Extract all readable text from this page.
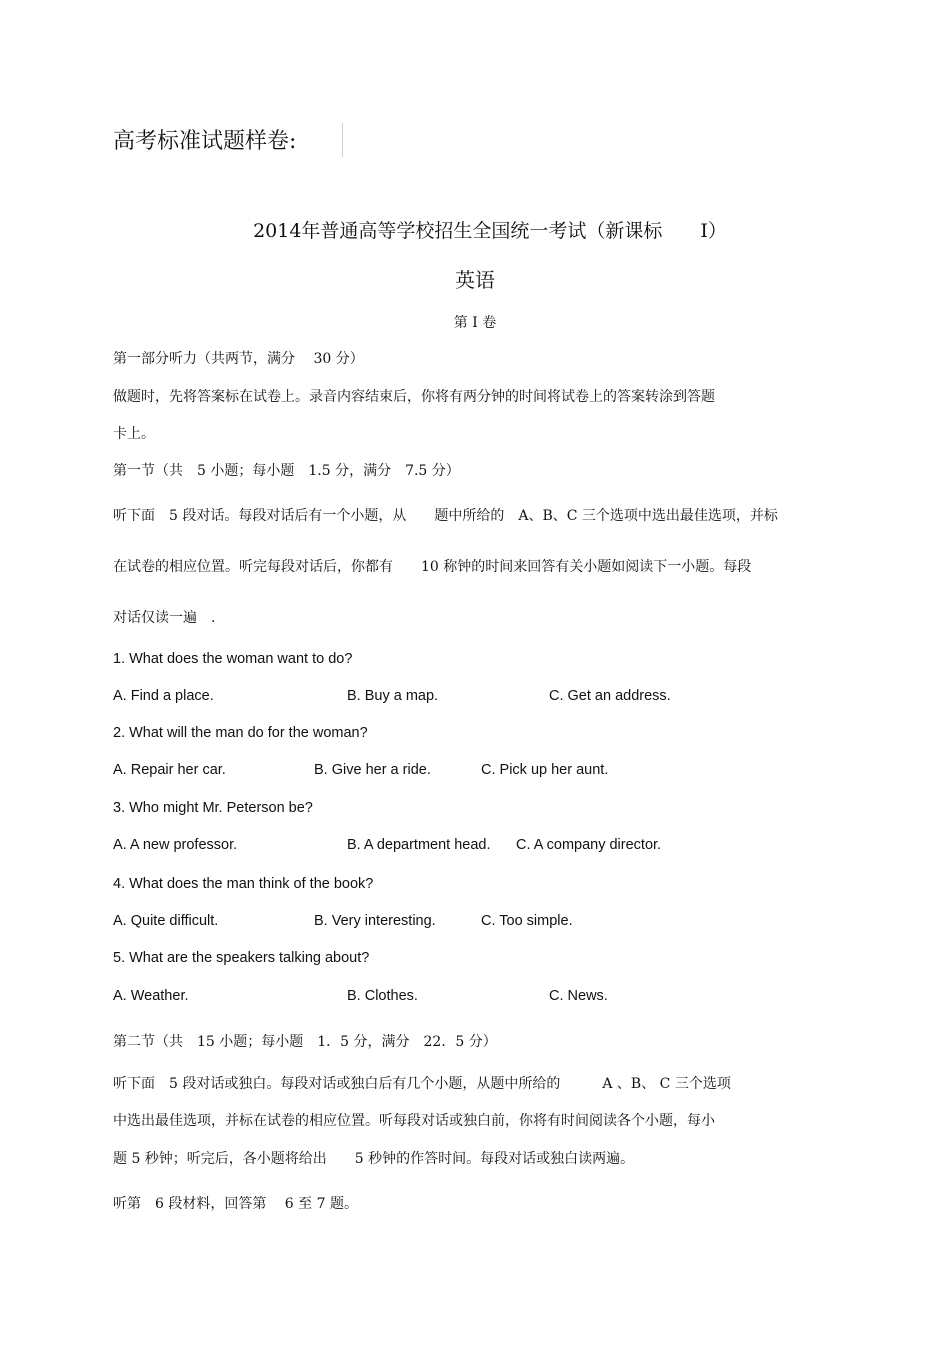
高考标准试题样卷:
2014年普通高等学校招生全国统一考试（新课标　　Ⅰ）
英语
第 Ⅰ 卷
第一部分听力（共两节，满分　 30 分）
做题时，先将答案标在试卷上。录音内容结束后，你将有两分钟的时间将试卷上的答案转涂到答题
卡上。
第一节（共　5 小题；每小题　1.5 分，满分　7.5 分）
听下面　5 段对话。每段对话后有一个小题，从　　题中所给的　A、B、C 三个选项中选出最佳选项，并标
在试卷的相应位置。听完每段对话后，你都有　　10 称钟的时间来回答有关小题如阅读下一小题。每段
对话仅读一遍　.
1. What does the woman want to do?
A. Find a place.	B. Buy a map.	C. Get an address.
2. What will the man do for the woman?
A. Repair her car.	B. Give her a ride.	C. Pick up her aunt.
3. Who might Mr. Peterson be?
A. A new professor.	B. A department head. C. A company director.
4. What does the man think of the book?
A. Quite difficult.	B. Very interesting.	C. Too simple.
5. What are the speakers talking about?
A. Weather.	B. Clothes.	C. News.
第二节（共　15 小题；每小题　1．5 分，满分　22．5 分）
听下面　5 段对话或独白。每段对话或独白后有几个小题，从题中所给的　　　A 、B、 C 三个选项
中选出最佳选项，并标在试卷的相应位置。听每段对话或独白前，你将有时间阅读各个小题，每小
题 5 秒钟；听完后，各小题将给出　　5 秒钟的作答时间。每段对话或独白读两遍。
听第　6 段材料，回答第　 6 至 7 题。
